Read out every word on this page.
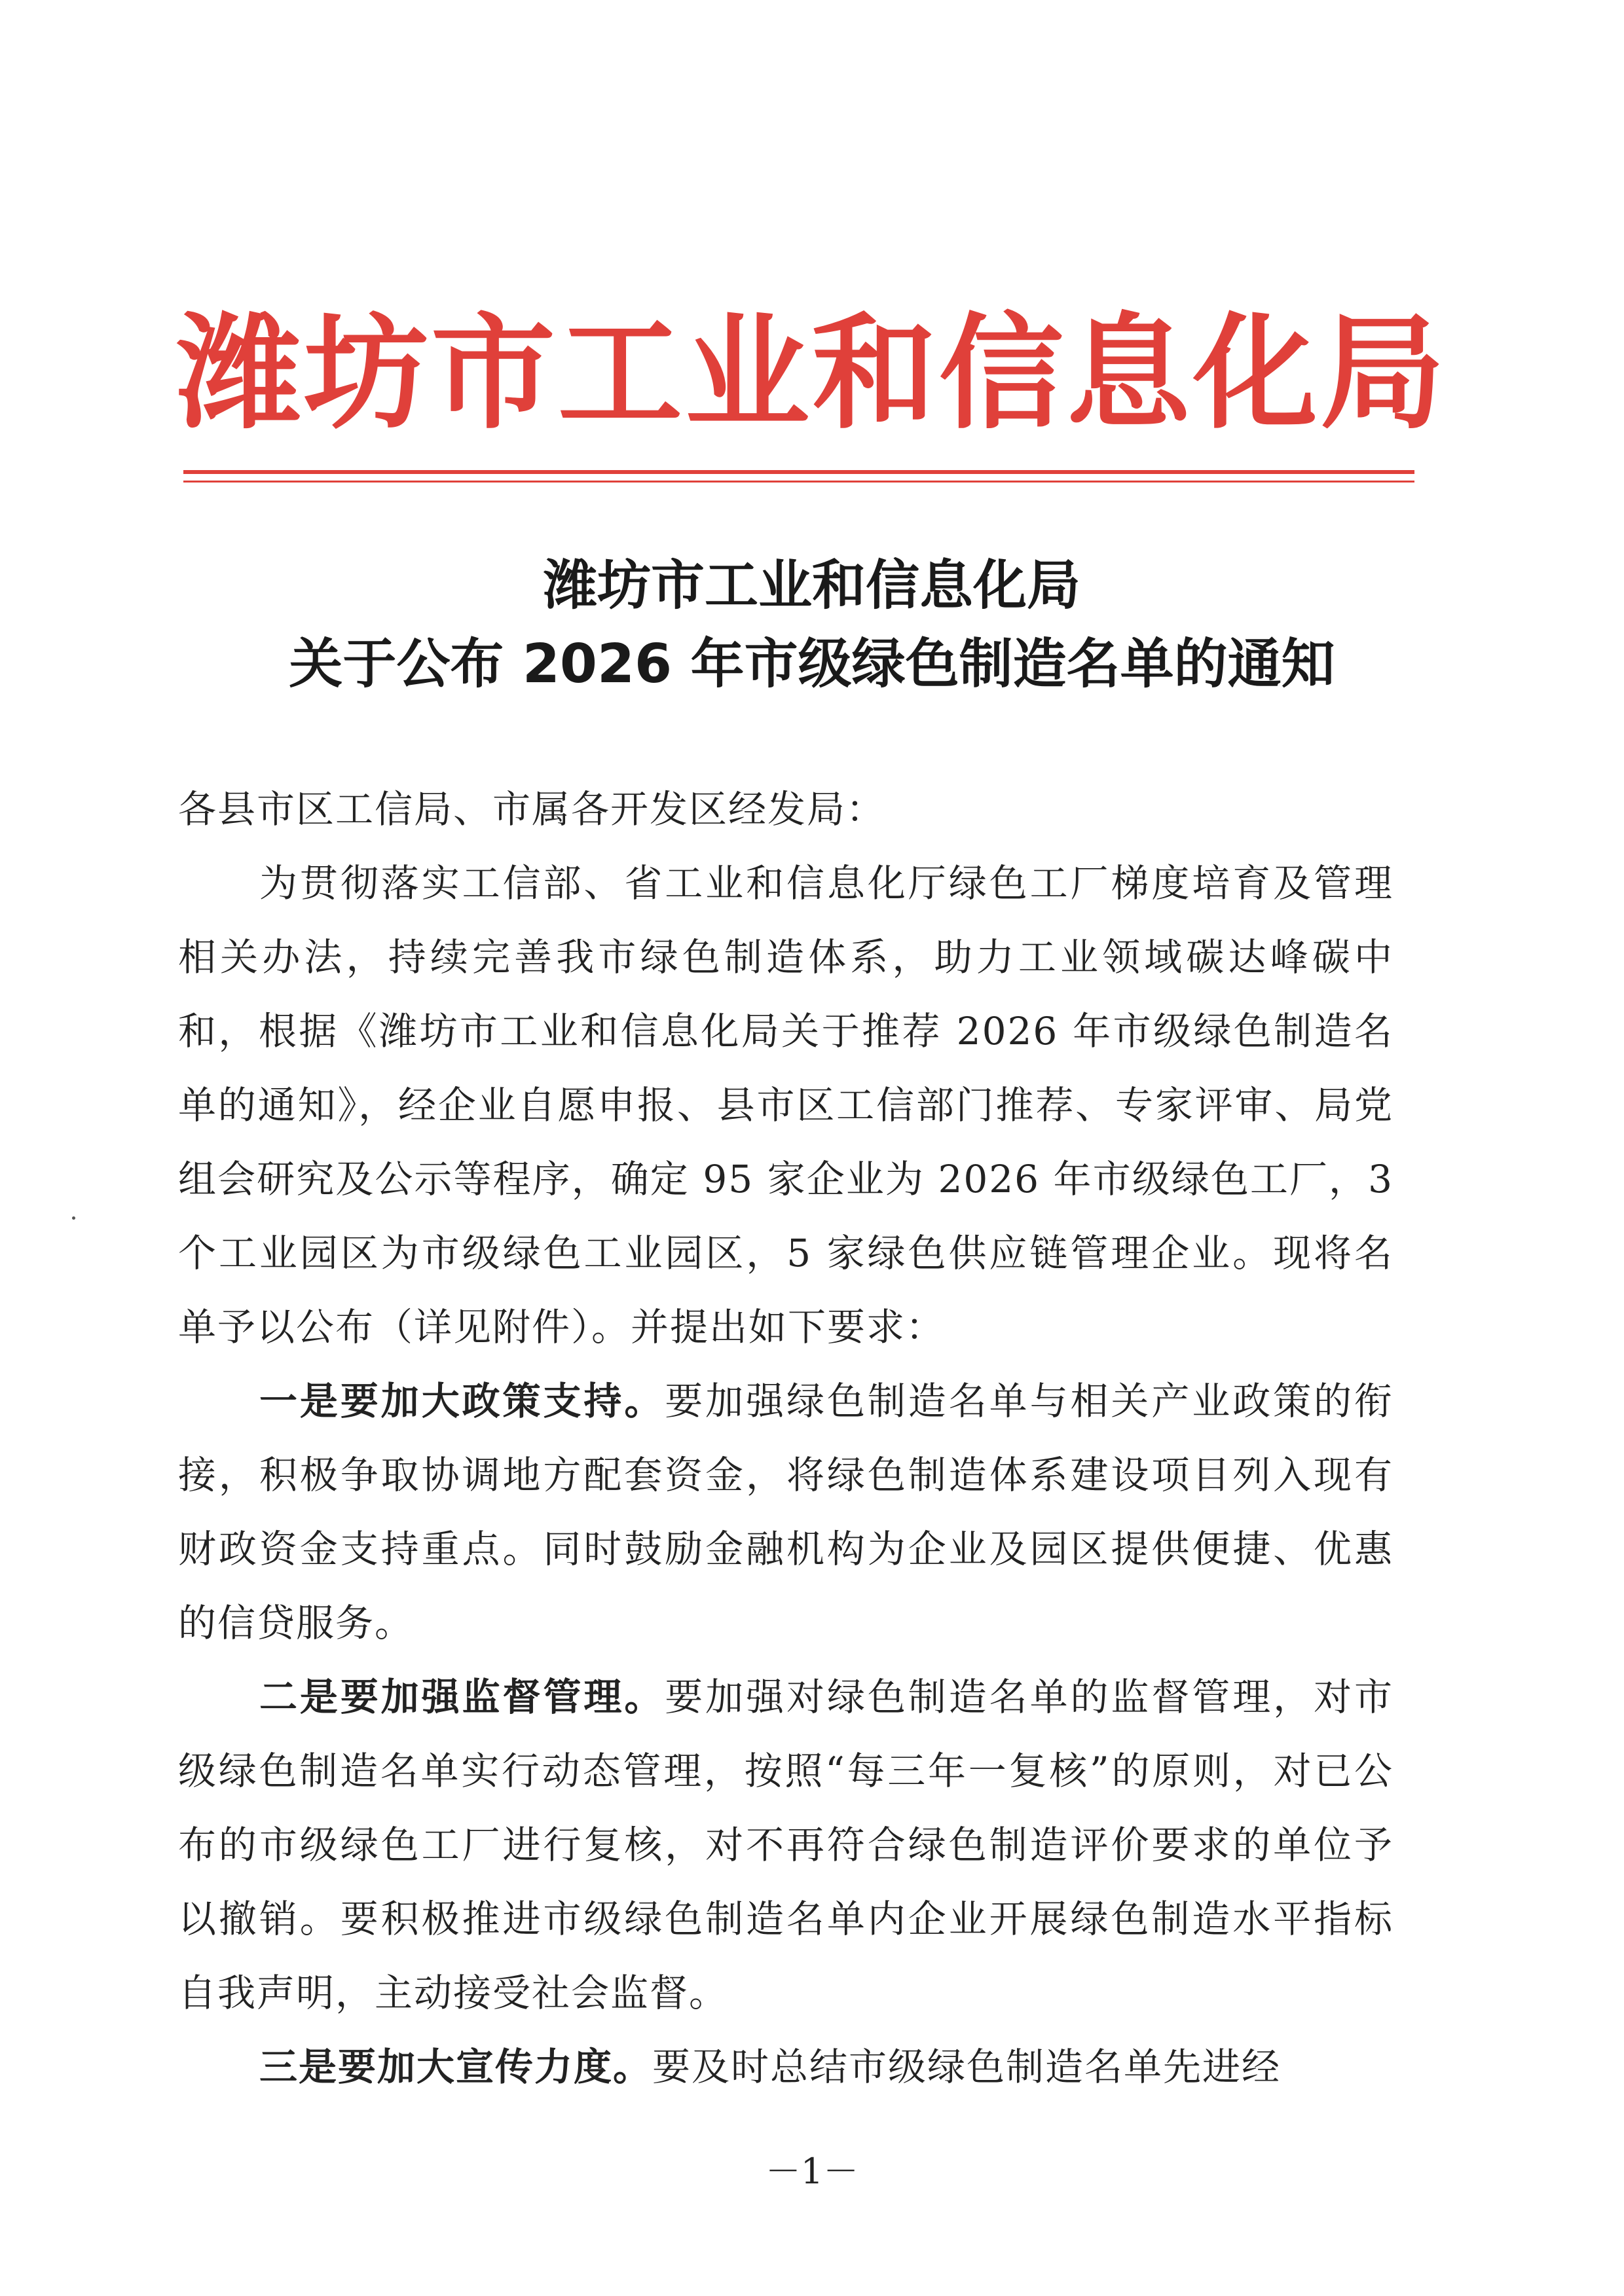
潍坊市工业和信息化局
潍坊市工业和信息化局
关于公布 2026 年市级绿色制造名单的通知

各县市区工信局、市属各开发区经发局：

为贯彻落实工信部、省工业和信息化厅绿色工厂梯度培育及管理相关办法，持续完善我市绿色制造体系，助力工业领域碳达峰碳中和，根据《潍坊市工业和信息化局关于推荐 2026 年市级绿色制造名单的通知》，经企业自愿申报、县市区工信部门推荐、专家评审、局党组会研究及公示等程序，确定 95 家企业为 2026 年市级绿色工厂，3 个工业园区为市级绿色工业园区，5 家绿色供应链管理企业。现将名单予以公布（详见附件）。并提出如下要求：

一是要加大政策支持。要加强绿色制造名单与相关产业政策的衔接，积极争取协调地方配套资金，将绿色制造体系建设项目列入现有财政资金支持重点。同时鼓励金融机构为企业及园区提供便捷、优惠的信贷服务。

二是要加强监督管理。要加强对绿色制造名单的监督管理，对市级绿色制造名单实行动态管理，按照“每三年一复核”的原则，对已公布的市级绿色工厂进行复核，对不再符合绿色制造评价要求的单位予以撤销。要积极推进市级绿色制造名单内企业开展绿色制造水平指标自我声明，主动接受社会监督。

三是要加大宣传力度。要及时总结市级绿色制造名单先进经

－1－
